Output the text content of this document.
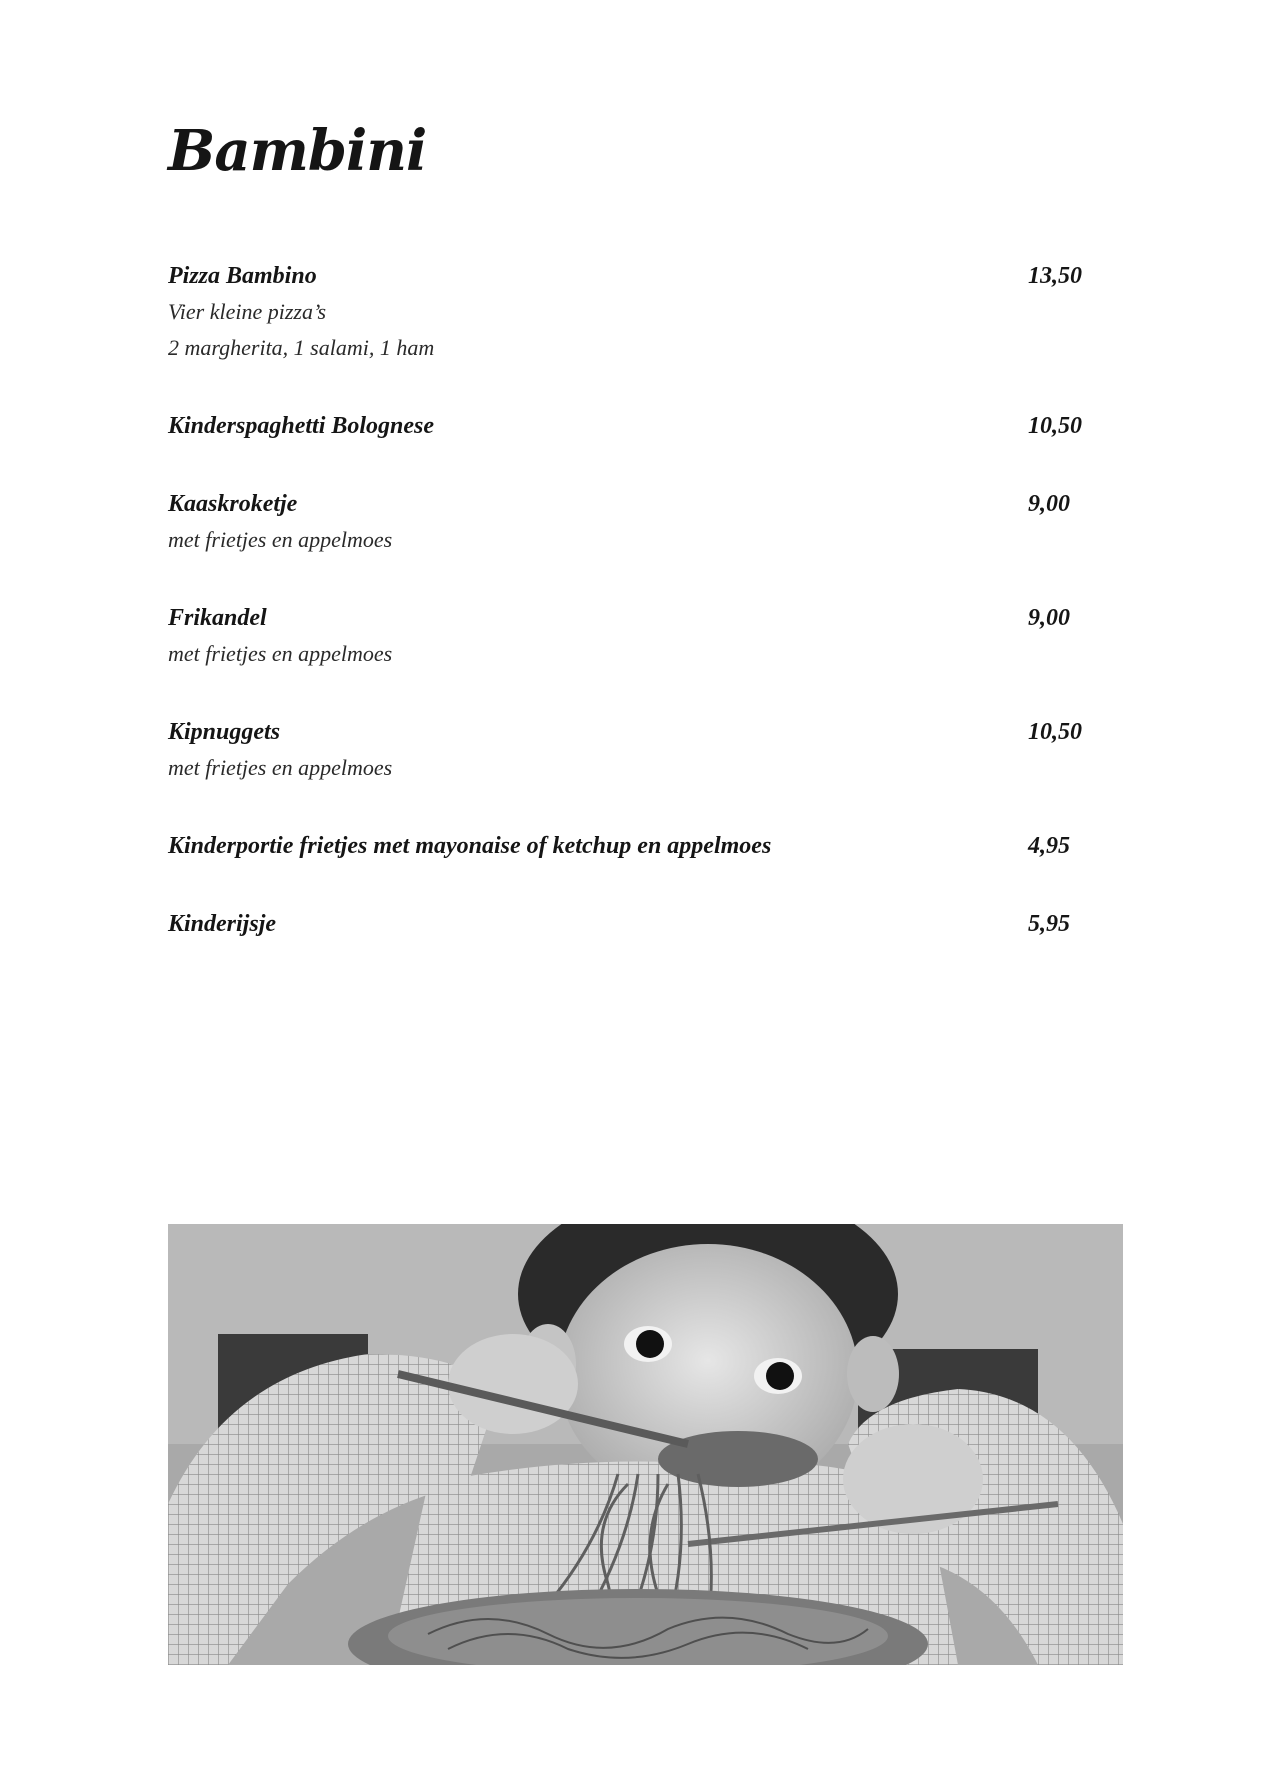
Bambini
Pizza Bambino	13,50
Vier kleine pizza’s
2 margherita, 1 salami, 1 ham
Kinderspaghetti Bolognese	10,50
Kaaskroketje	9,00
met frietjes en appelmoes
Frikandel	9,00
met frietjes en appelmoes
Kipnuggets	10,50
met frietjes en appelmoes
Kinderportie frietjes met mayonaise of ketchup en appelmoes	4,95
Kinderijsje	5,95
